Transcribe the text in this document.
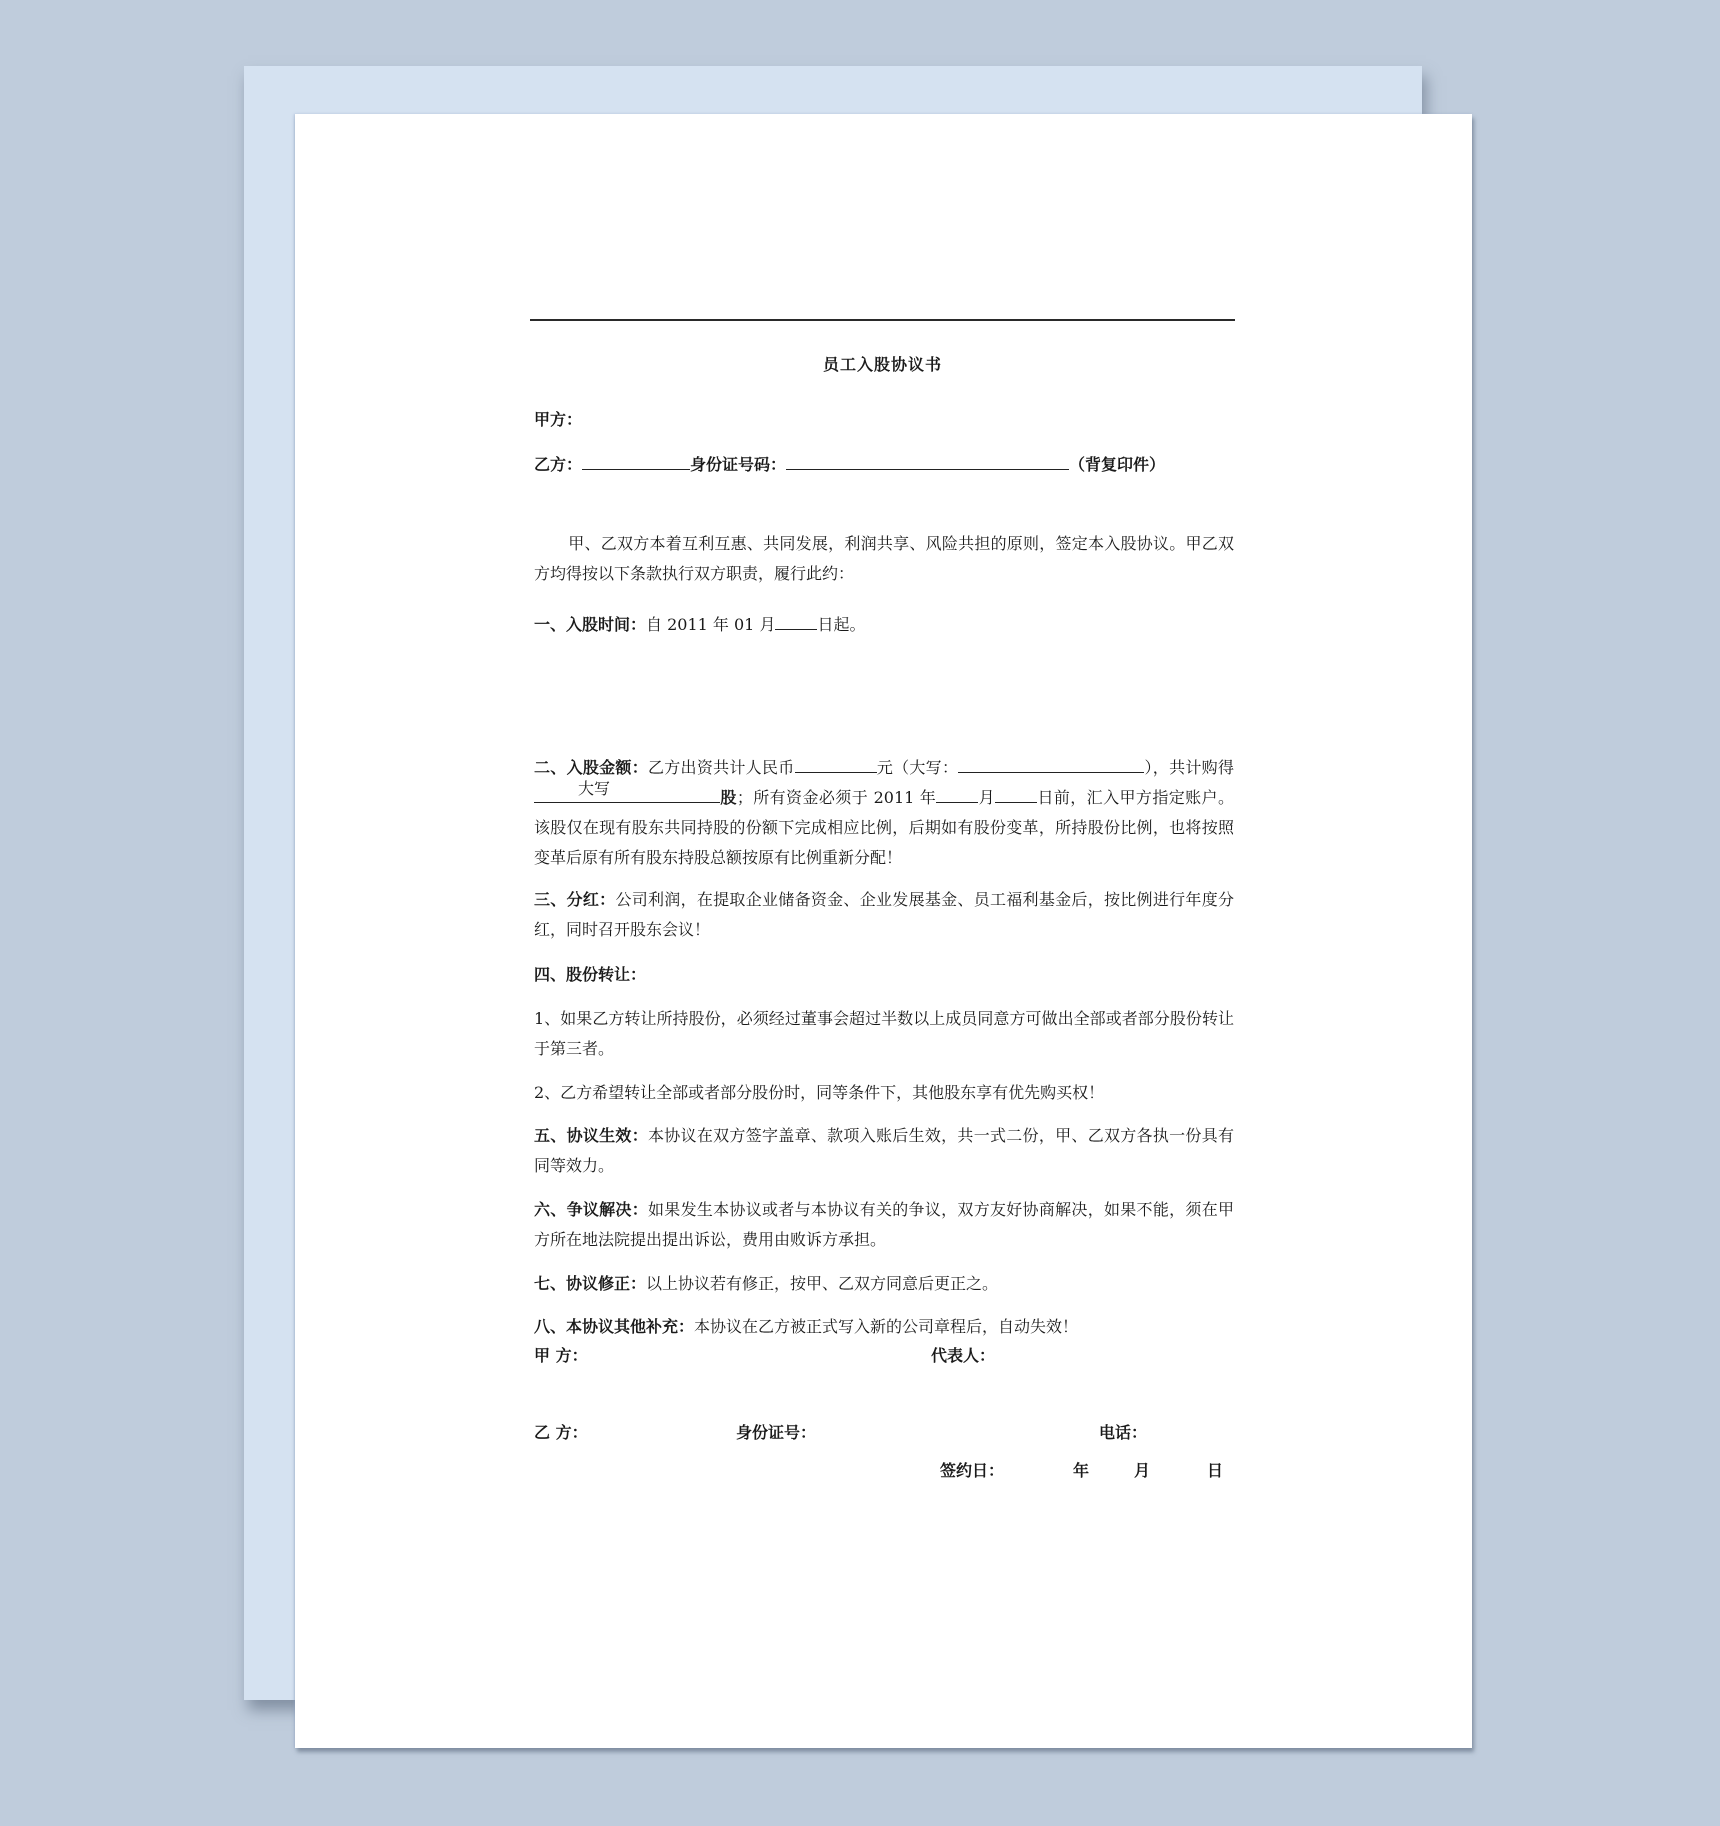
员工入股协议书
甲方：
乙方：	身份证号码：	（背复印件）
甲、乙双方本着互利互惠、共同发展，利润共享、风险共担的原则，签定本入股协议。甲乙双方均得按以下条款执行双方职责，履行此约：
一、入股时间：自 2011 年 01 月	日起。
二、入股金额：乙方出资共计人民币	元（大写：	），共计购得
大写	股；所有资金必须于 2011 年	月	日前，汇入甲方指定账户。该股仅在现有股东共同持股的份额下完成相应比例，后期如有股份变革，所持股份比例，也将按照变革后原有所有股东持股总额按原有比例重新分配！
三、分红：公司利润，在提取企业储备资金、企业发展基金、员工福利基金后，按比例进行年度分红，同时召开股东会议！
四、股份转让：
1、如果乙方转让所持股份，必须经过董事会超过半数以上成员同意方可做出全部或者部分股份转让于第三者。
2、乙方希望转让全部或者部分股份时，同等条件下，其他股东享有优先购买权！
五、协议生效：本协议在双方签字盖章、款项入账后生效，共一式二份，甲、乙双方各执一份具有同等效力。
六、争议解决：如果发生本协议或者与本协议有关的争议，双方友好协商解决，如果不能，须在甲方所在地法院提出提出诉讼，费用由败诉方承担。
七、协议修正：以上协议若有修正，按甲、乙双方同意后更正之。
八、本协议其他补充：本协议在乙方被正式写入新的公司章程后，自动失效！
甲 方：	代表人：
乙 方：	身份证号：	电话：
签约日：	年	月	日
